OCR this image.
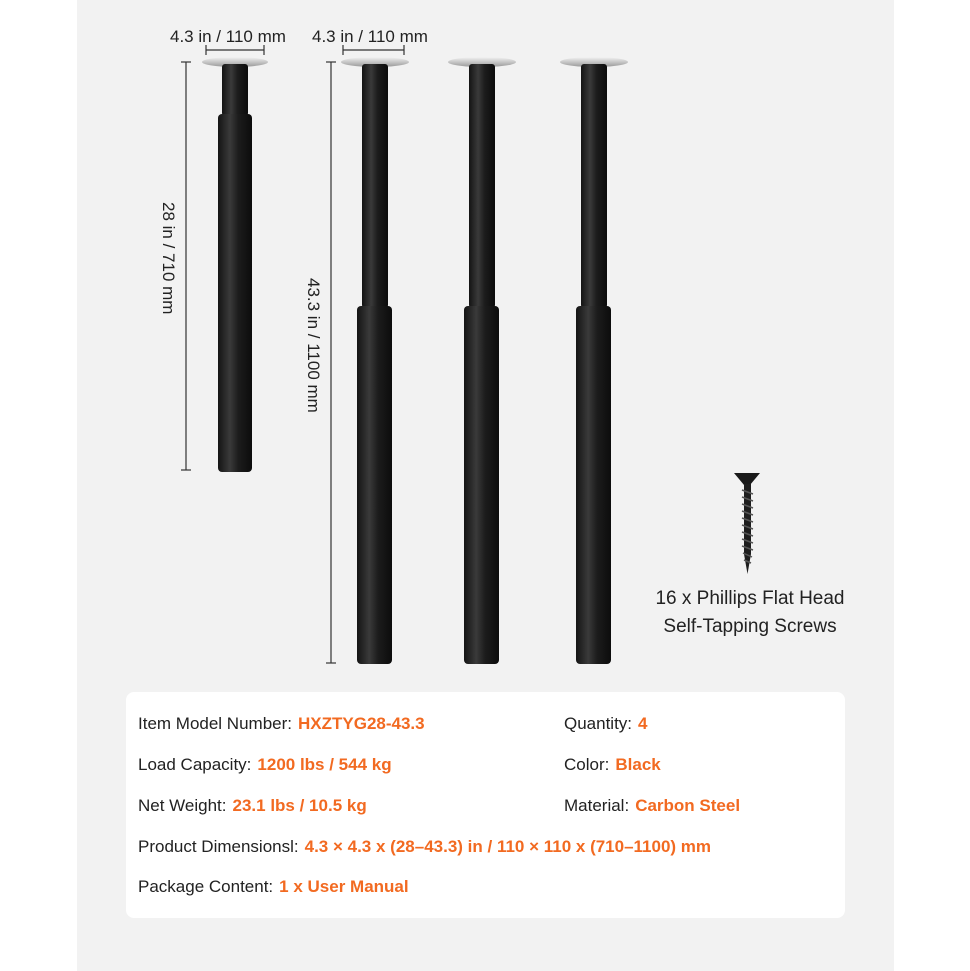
4.3 in / 110 mm 4.3 in / 110 mm
28 in / 710 mm
43.3 in / 1100 mm
16 x Phillips Flat Head
Self-Tapping Screws
Item Model Number: HXZTYG28-43.3	Quantity: 4
Load Capacity: 1200 lbs / 544 kg	Color: Black
Net Weight: 23.1 lbs / 10.5 kg	Material: Carbon Steel
Product Dimensionsl: 4.3 × 4.3 x (28–43.3) in / 110 × 110 x (710–1100) mm
Package Content: 1 x User Manual
